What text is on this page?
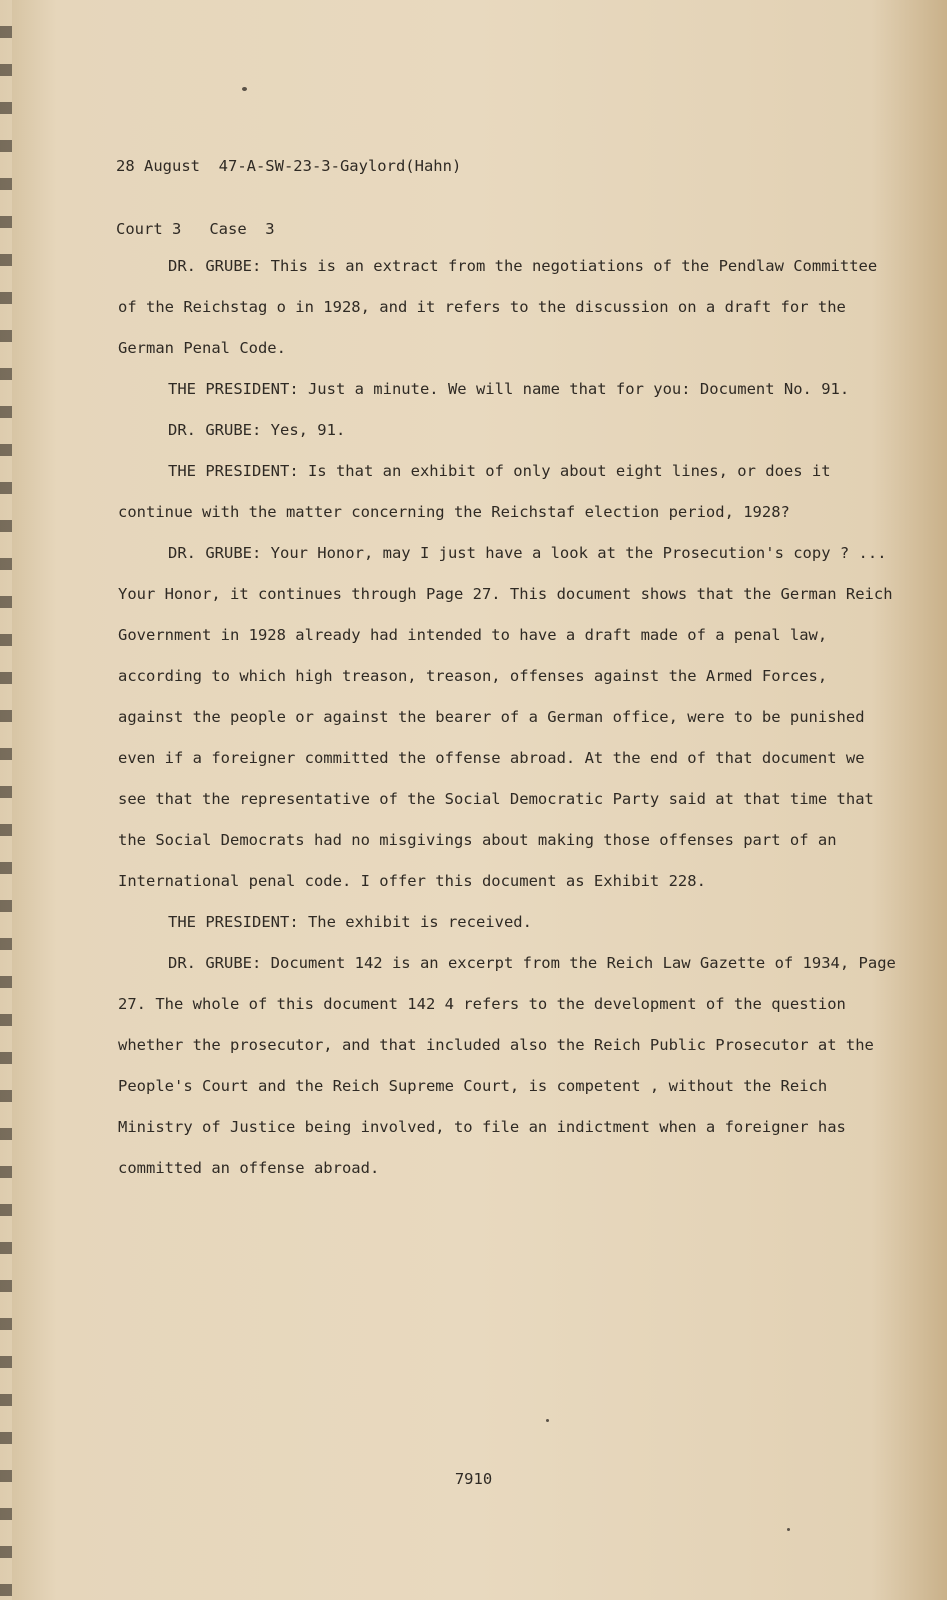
28 August  47-A-SW-23-3-Gaylord(Hahn)

Court 3   Case  3

DR. GRUBE: This is an extract from the negotiations of the Pendlaw Committee of the Reichstag o in 1928, and it refers to the discussion on a draft for the German Penal Code.

THE PRESIDENT: Just a minute. We will name that for you: Document No. 91.

DR. GRUBE: Yes, 91.

THE PRESIDENT: Is that an exhibit of only about eight lines, or does it continue with the matter concerning the Reichstaf election period, 1928?

DR. GRUBE: Your Honor, may I just have a look at the Prosecution's copy ? ... Your Honor, it continues through Page 27. This document shows that the German Reich Government in 1928 already had intended to have a draft made of a penal law, according to which high treason, treason, offenses against the Armed Forces, against the people or against the bearer of a German office, were to be punished even if a foreigner committed the offense abroad. At the end of that document we see that the representative of the Social Democratic Party said at that time that the Social Democrats had no misgivings about making those offenses part of an International penal code. I offer this document as Exhibit 228.

THE PRESIDENT: The exhibit is received.

DR. GRUBE: Document 142 is an excerpt from the Reich Law Gazette of 1934, Page 27. The whole of this document 142 4 refers to the development of the question whether the prosecutor, and that included also the Reich Public Prosecutor at the People's Court and the Reich Supreme Court, is competent , without the Reich Ministry of Justice being involved, to file an indictment when a foreigner has committed an offense abroad.

7910
